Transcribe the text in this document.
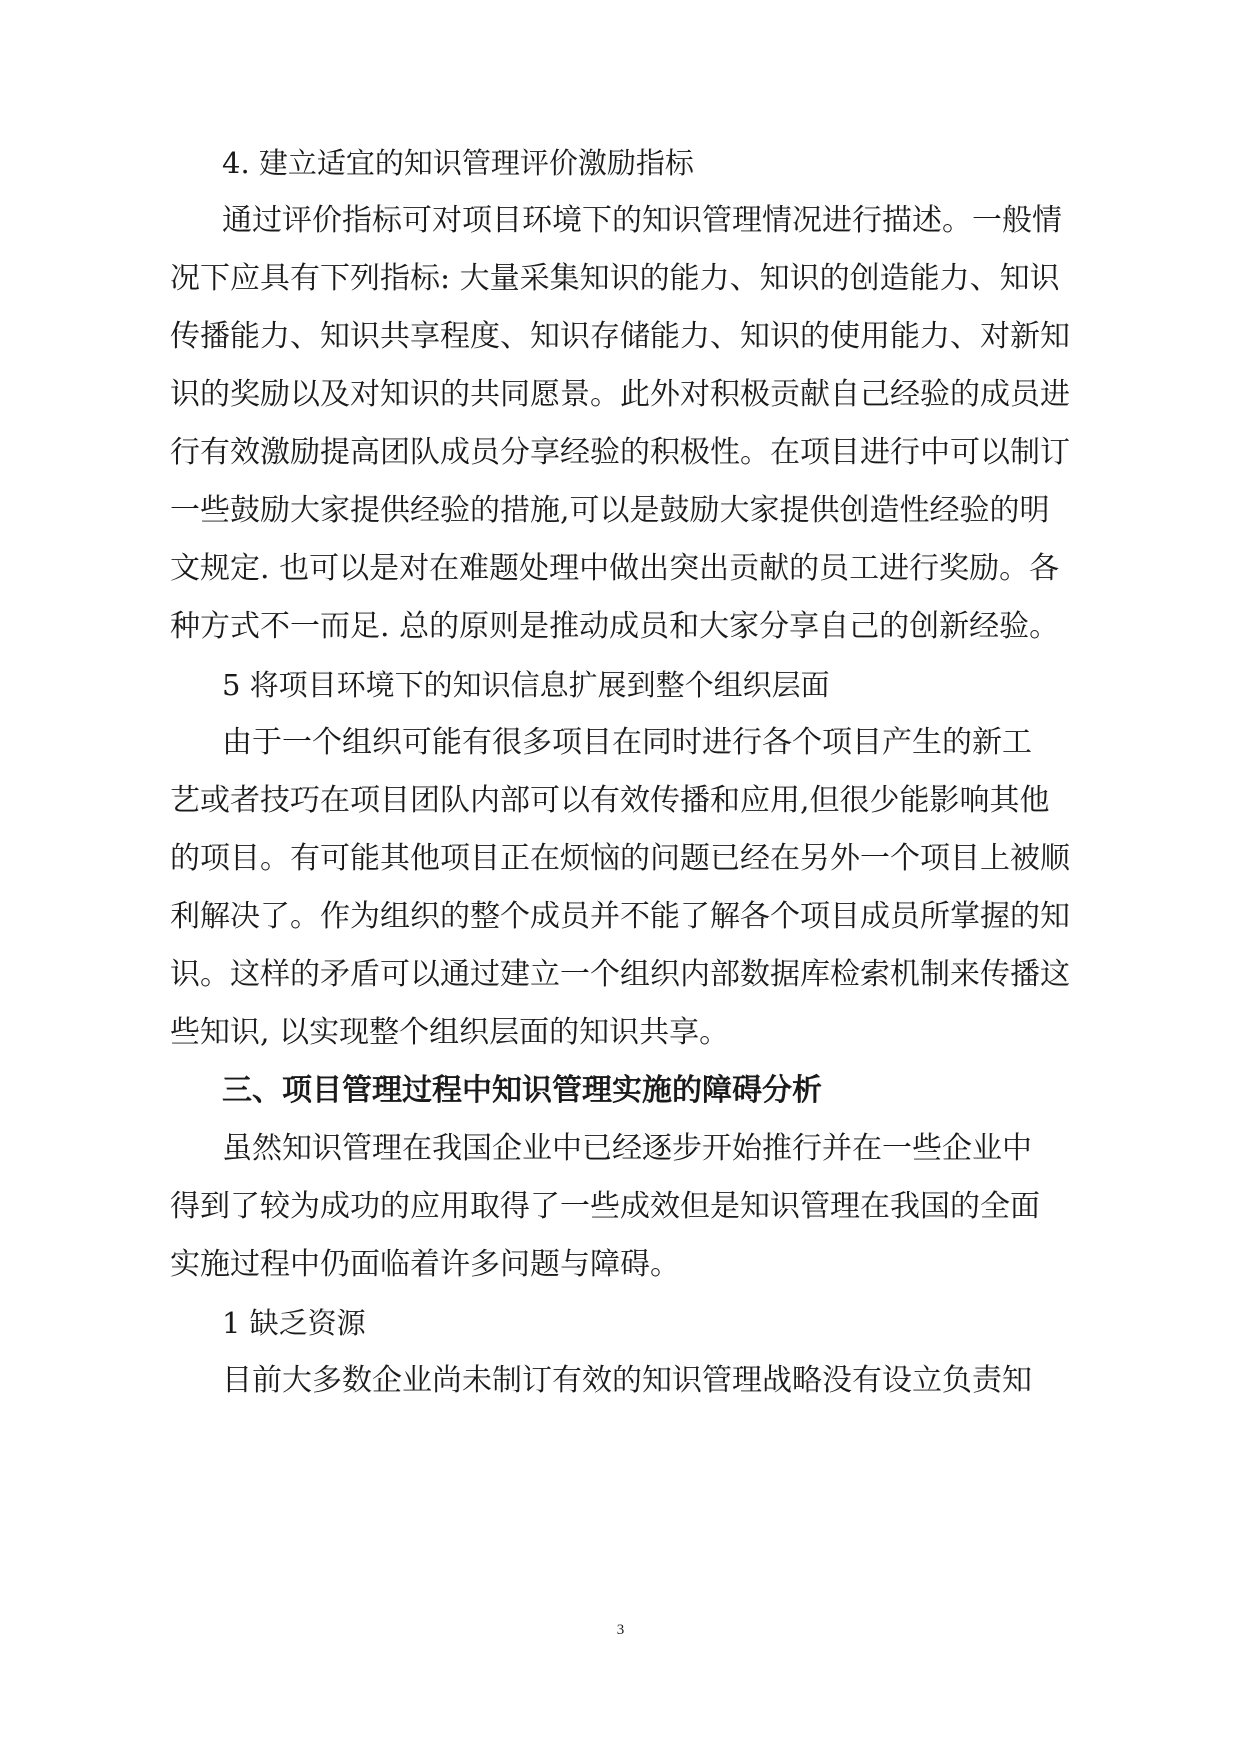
4. 建立适宜的知识管理评价激励指标
通过评价指标可对项目环境下的知识管理情况进行描述。一般情
况下应具有下列指标: 大量采集知识的能力、知识的创造能力、知识
传播能力、知识共享程度、知识存储能力、知识的使用能力、对新知
识的奖励以及对知识的共同愿景。此外对积极贡献自己经验的成员进
行有效激励提高团队成员分享经验的积极性。在项目进行中可以制订
一些鼓励大家提供经验的措施,可以是鼓励大家提供创造性经验的明
文规定. 也可以是对在难题处理中做出突出贡献的员工进行奖励。各
种方式不一而足. 总的原则是推动成员和大家分享自己的创新经验。
5 将项目环境下的知识信息扩展到整个组织层面
由于一个组织可能有很多项目在同时进行各个项目产生的新工
艺或者技巧在项目团队内部可以有效传播和应用,但很少能影响其他
的项目。有可能其他项目正在烦恼的问题已经在另外一个项目上被顺
利解决了。作为组织的整个成员并不能了解各个项目成员所掌握的知
识。这样的矛盾可以通过建立一个组织内部数据库检索机制来传播这
些知识, 以实现整个组织层面的知识共享。
三、项目管理过程中知识管理实施的障碍分析
虽然知识管理在我国企业中已经逐步开始推行并在一些企业中
得到了较为成功的应用取得了一些成效但是知识管理在我国的全面
实施过程中仍面临着许多问题与障碍。
1 缺乏资源
目前大多数企业尚未制订有效的知识管理战略没有设立负责知
3
